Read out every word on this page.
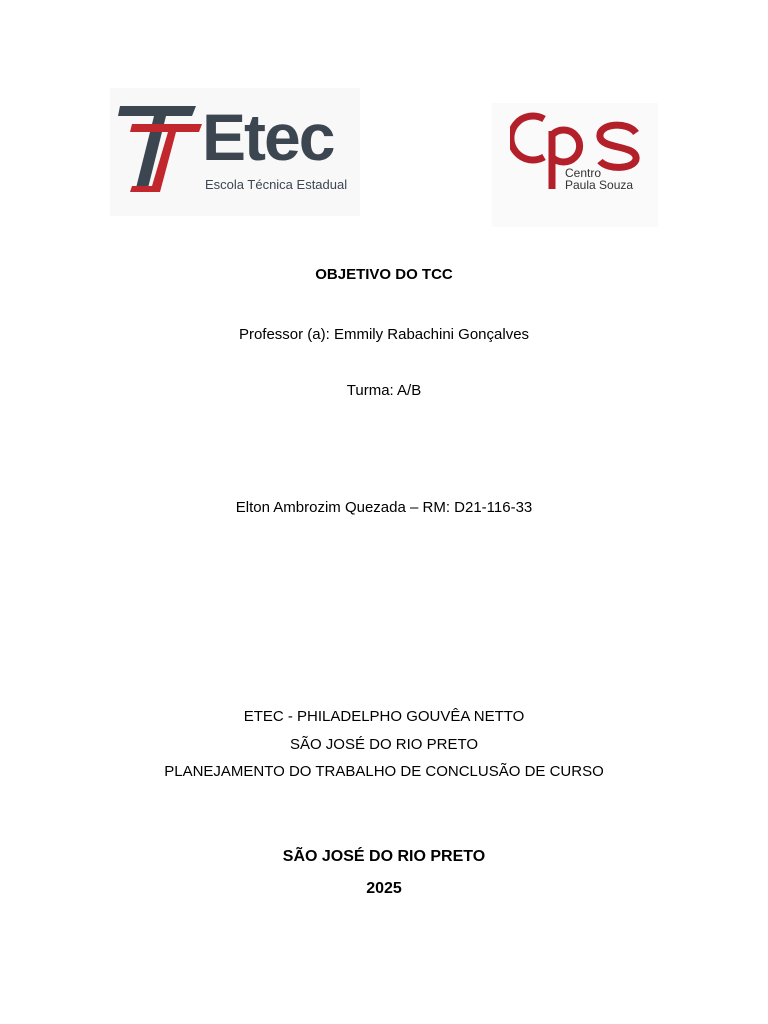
Etec
Escola Técnica Estadual
Centro
Paula Souza
OBJETIVO DO TCC
Professor (a): Emmily Rabachini Gonçalves
Turma: A/B
Elton Ambrozim Quezada – RM: D21-116-33
ETEC - PHILADELPHO GOUVÊA NETTO
SÃO JOSÉ DO RIO PRETO
PLANEJAMENTO DO TRABALHO DE CONCLUSÃO DE CURSO
SÃO JOSÉ DO RIO PRETO
2025
